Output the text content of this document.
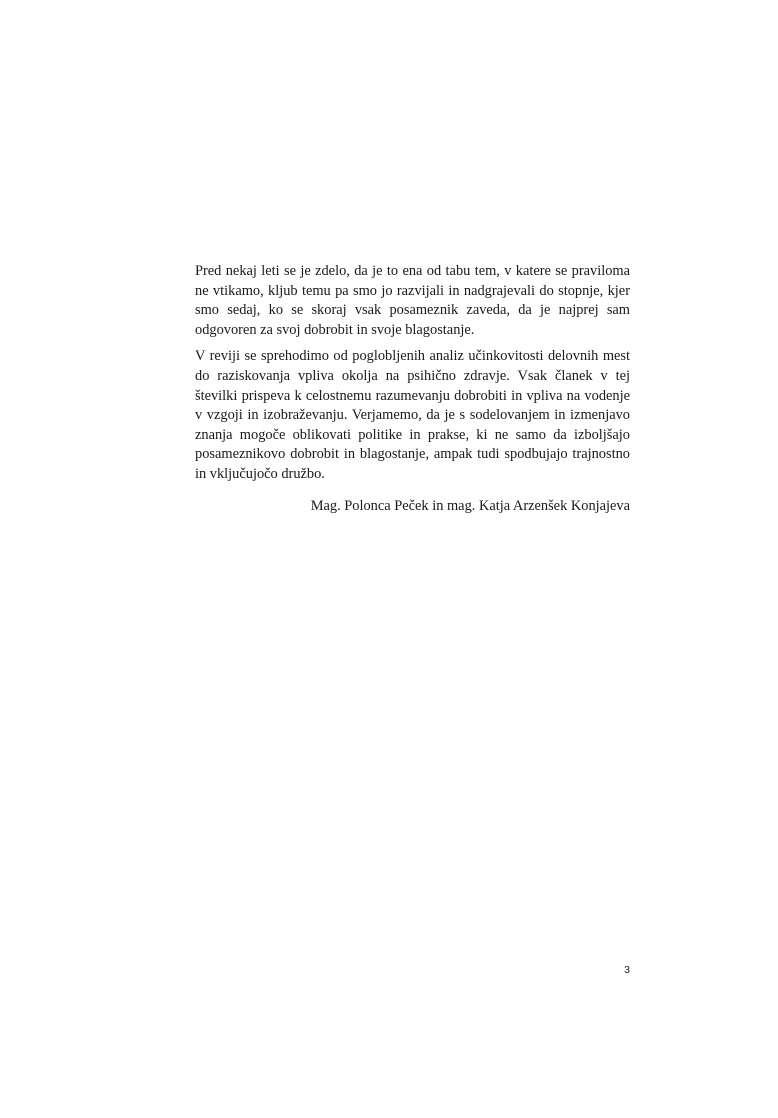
Pred nekaj leti se je zdelo, da je to ena od tabu tem, v katere se praviloma ne vtikamo, kljub temu pa smo jo razvijali in nadgrajevali do stopnje, kjer smo sedaj, ko se skoraj vsak posameznik zaveda, da je najprej sam odgovoren za svoj dobrobit in svoje blagostanje.

V reviji se sprehodimo od poglobljenih analiz učinkovitosti delovnih mest do raziskovanja vpliva okolja na psihično zdravje. Vsak članek v tej številki prispeva k celostnemu razumevanju dobrobiti in vpliva na vodenje v vzgoji in izobraževanju. Verjamemo, da je s sodelovanjem in izmenjavo znanja mogoče oblikovati politike in prakse, ki ne samo da izboljšajo posameznikovo dobrobit in blagostanje, ampak tudi spodbujajo trajnostno in vključujočo družbo.

Mag. Polonca Peček in mag. Katja Arzenšek Konjajeva

3
